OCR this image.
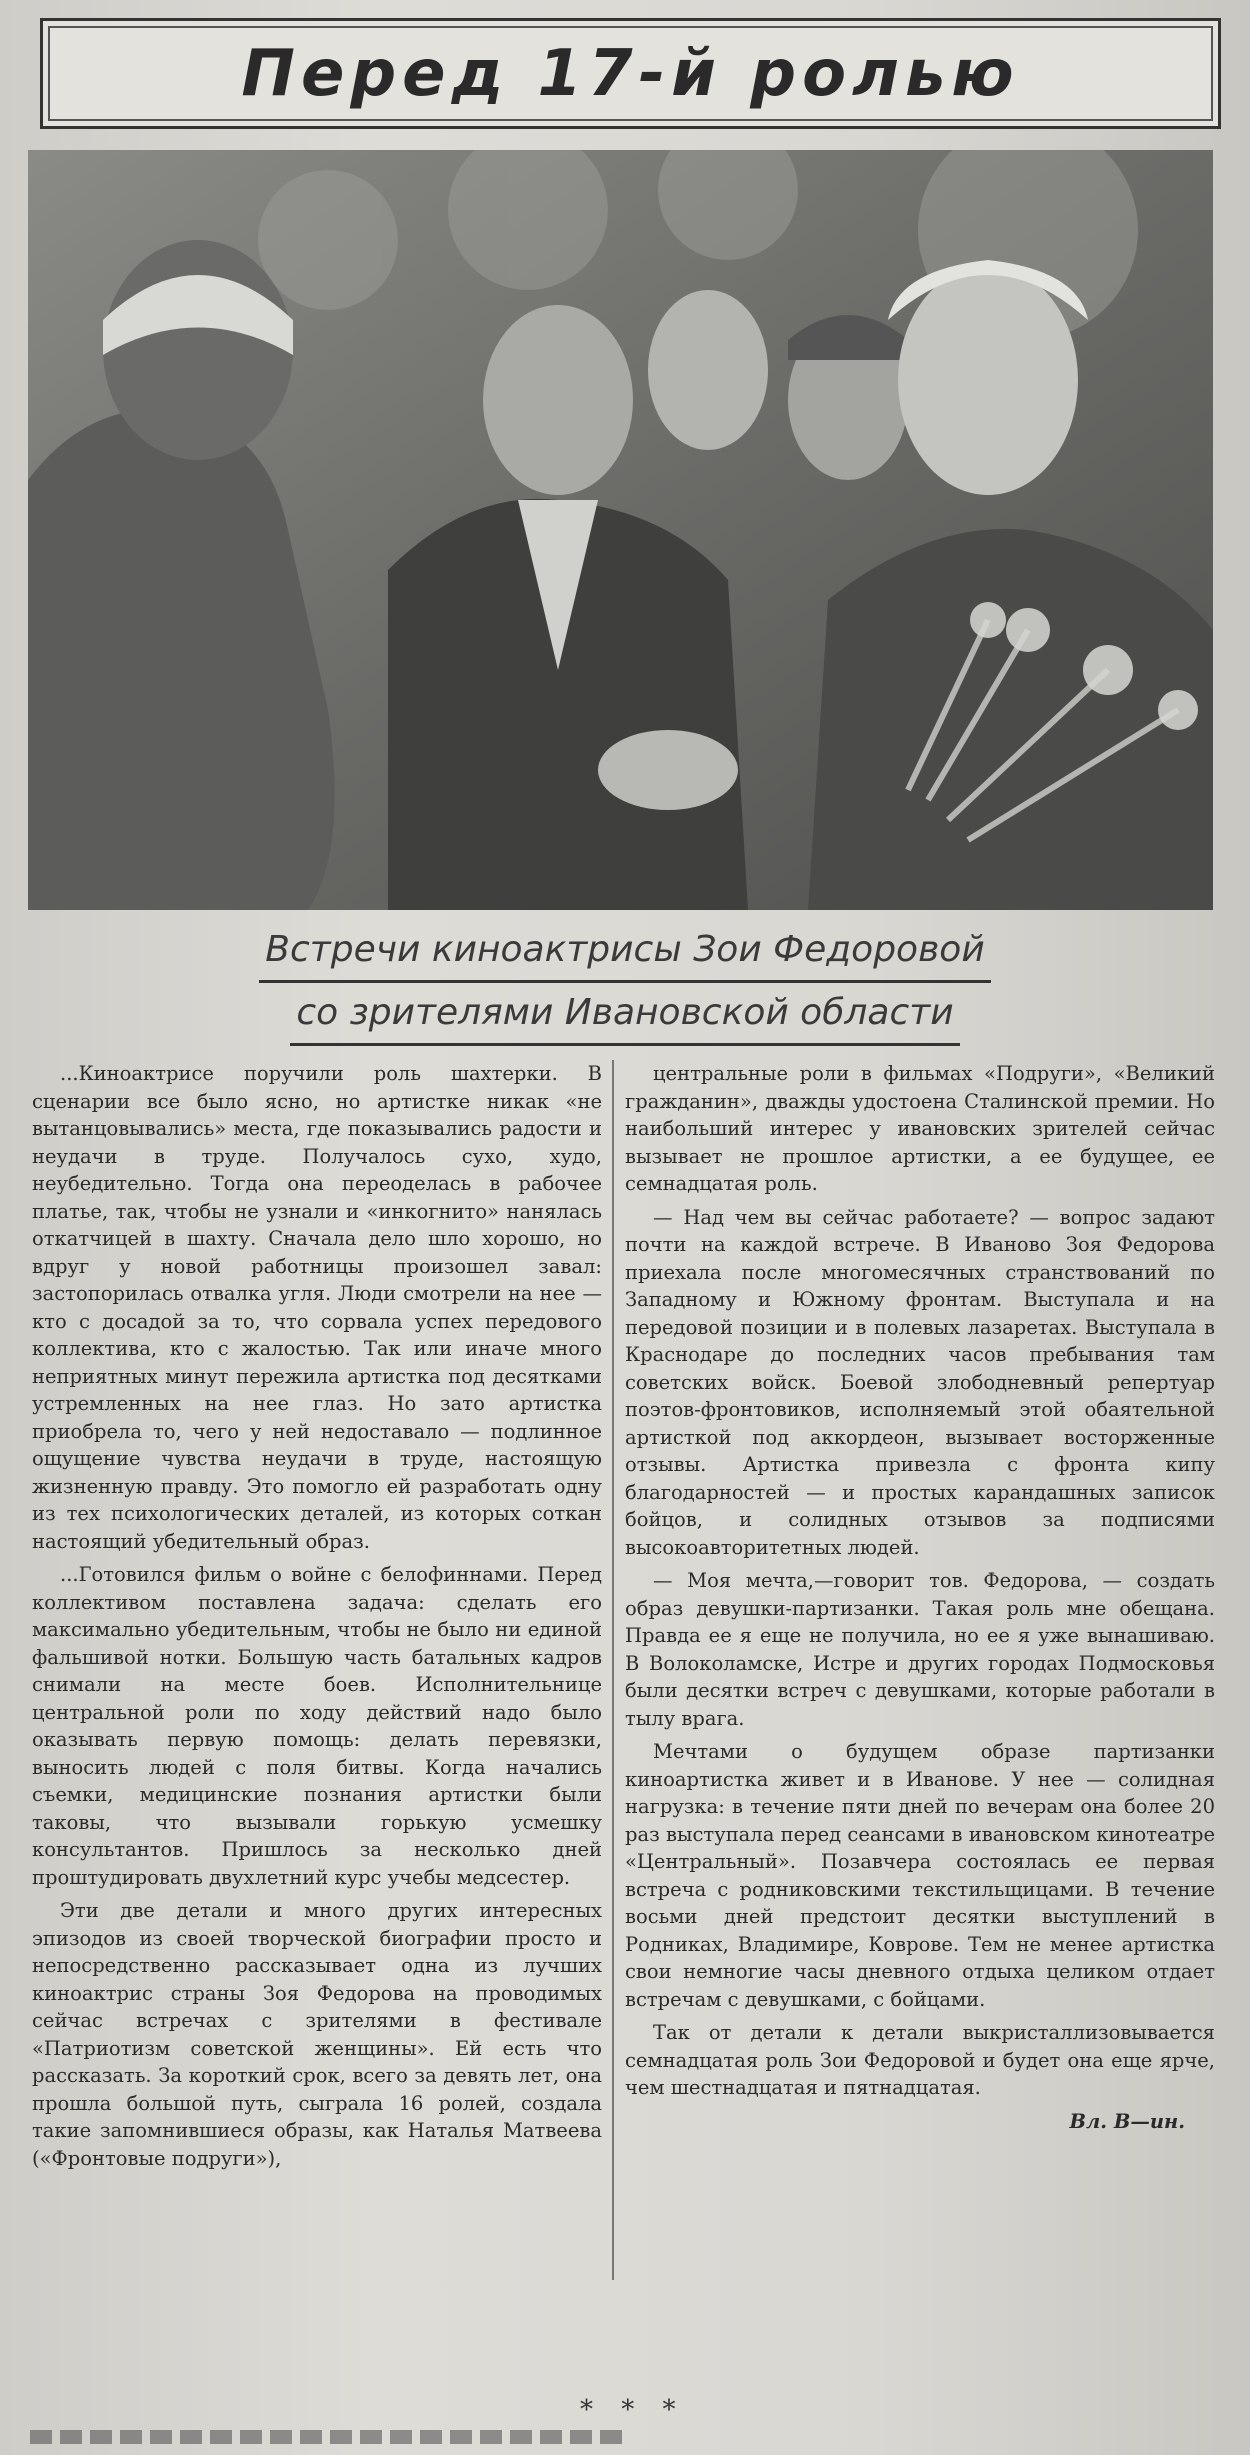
Перед 17-й ролью
Встречи киноактрисы Зои Федоровой
со зрителями Ивановской области

...Киноактрисе поручили роль шахтерки. В сценарии все было ясно, но артистке никак «не вытанцовывались» места, где показывались радости и неудачи в труде. Получалось сухо, худо, неубедительно. Тогда она переоделась в рабочее платье, так, чтобы не узнали и «инкогнито» нанялась откатчицей в шахту. Сначала дело шло хорошо, но вдруг у новой работницы произошел завал: застопорилась отвалка угля. Люди смотрели на нее — кто с досадой за то, что сорвала успех передового коллектива, кто с жалостью. Так или иначе много неприятных минут пережила артистка под десятками устремленных на нее глаз. Но зато артистка приобрела то, чего у ней недоставало — подлинное ощущение чувства неудачи в труде, настоящую жизненную правду. Это помогло ей разработать одну из тех психологических деталей, из которых соткан настоящий убедительный образ.

...Готовился фильм о войне с белофиннами. Перед коллективом поставлена задача: сделать его максимально убедительным, чтобы не было ни единой фальшивой нотки. Большую часть батальных кадров снимали на месте боев. Исполнительнице центральной роли по ходу действий надо было оказывать первую помощь: делать перевязки, выносить людей с поля битвы. Когда начались съемки, медицинские познания артистки были таковы, что вызывали горькую усмешку консультантов. Пришлось за несколько дней проштудировать двухлетний курс учебы медсестер.

Эти две детали и много других интересных эпизодов из своей творческой биографии просто и непосредственно рассказывает одна из лучших киноактрис страны Зоя Федорова на проводимых сейчас встречах с зрителями в фестивале «Патриотизм советской женщины». Ей есть что рассказать. За короткий срок, всего за девять лет, она прошла большой путь, сыграла 16 ролей, создала такие запомнившиеся образы, как Наталья Матвеева («Фронтовые подруги»),

центральные роли в фильмах «Подруги», «Великий гражданин», дважды удостоена Сталинской премии. Но наибольший интерес у ивановских зрителей сейчас вызывает не прошлое артистки, а ее будущее, ее семнадцатая роль.

— Над чем вы сейчас работаете? — вопрос задают почти на каждой встрече. В Иваново Зоя Федорова приехала после многомесячных странствований по Западному и Южному фронтам. Выступала и на передовой позиции и в полевых лазаретах. Выступала в Краснодаре до последних часов пребывания там советских войск. Боевой злободневный репертуар поэтов-фронтовиков, исполняемый этой обаятельной артисткой под аккордеон, вызывает восторженные отзывы. Артистка привезла с фронта кипу благодарностей — и простых карандашных записок бойцов, и солидных отзывов за подписями высокоавторитетных людей.

— Моя мечта,—говорит тов. Федорова, — создать образ девушки-партизанки. Такая роль мне обещана. Правда ее я еще не получила, но ее я уже вынашиваю. В Волоколамске, Истре и других городах Подмосковья были десятки встреч с девушками, которые работали в тылу врага.

Мечтами о будущем образе партизанки киноартистка живет и в Иванове. У нее — солидная нагрузка: в течение пяти дней по вечерам она более 20 раз выступала перед сеансами в ивановском кинотеатре «Центральный». Позавчера состоялась ее первая встреча с родниковскими текстильщицами. В течение восьми дней предстоит десятки выступлений в Родниках, Владимире, Коврове. Тем не менее артистка свои немногие часы дневного отдыха целиком отдает встречам с девушками, с бойцами.

Так от детали к детали выкристаллизовывается семнадцатая роль Зои Федоровой и будет она еще ярче, чем шестнадцатая и пятнадцатая.

Вл. В—ин.
* * *
